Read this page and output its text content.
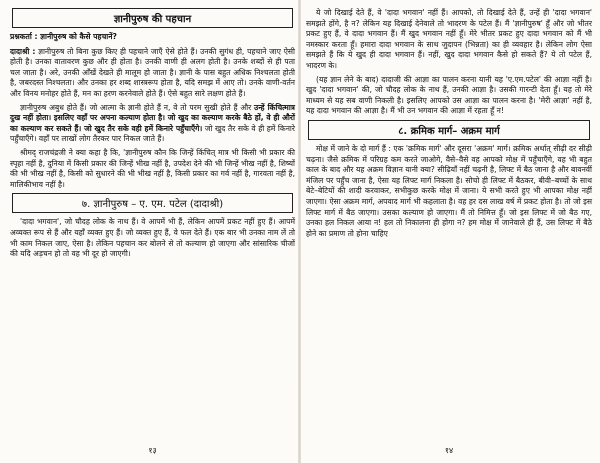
ज्ञानीपुरुष की पहचान

प्रश्नकर्ता : ज्ञानीपुरुष को कैसे पहचानें?

दादाश्री : ज्ञानीपुरुष तो बिना कुछ किए ही पहचाने जाएँ ऐसे होते हैं। उनकी सुगंध ही, पहचाने जाए ऐसी होती है। उनका वातावरण कुछ और ही होता है। उनकी वाणी ही अलग होती है। उनके शब्दों से ही पता चल जाता है। अरे, उनकी आँखें देखते ही मालूम हो जाता है। ज्ञानी के पास बहुत अधिक निश्चलता होती है, जबरदस्त निश्चलता। और उनका हर शब्द शास्त्ररूप होता है, यदि समझ में आए तो। उनके वाणी-वर्तन और विनय मनोहर होते हैं, मन का हरण करनेवाले होते हैं। ऐसे बहुत सारे लक्षण होते हैं।

ज्ञानीपुरुष अबुध होते हैं। जो आत्मा के ज्ञानी होते हैं न, वे तो परम सुखी होते हैं और उन्हें किंचित्मात्र दुख नहीं होता। इसलिए वहाँ पर अपना कल्याण होता है। जो खुद का कल्याण करके बैठे हों, वे ही औरों का कल्याण कर सकते हैं। जो खुद तैर सके वही हमें किनारे पहुँचाएँगे। जो खुद तैर सके वे ही हमें किनारे पहुँचाएँगे। वहाँ पर लाखों लोग तैरकर पार निकल जाते हैं।

श्रीमद् राजचंद्रजी ने क्या कहा है कि, 'ज्ञानीपुरुष कौन कि जिन्हें किंचित् मात्र भी किसी भी प्रकार की स्पृहा नहीं है, दुनिया में किसी प्रकार की जिन्हें भीख नहीं है, उपदेश देने की भी जिन्हें भीख नहीं है, शिष्यों की भी भीख नहीं है, किसी को सुधारने की भी भीख नहीं है, किसी प्रकार का गर्व नहीं है, गारवता नहीं है, मालिकीभाव नहीं है।

७. ज्ञानीपुरुष – ए. एम. पटेल (दादाश्री)

'दादा भगवान', जो चौदह लोक के नाथ हैं। वे आपमें भी हैं, लेकिन आपमें प्रकट नहीं हुए हैं। आपमें अव्यक्त रूप से हैं और यहाँ व्यक्त हुए हैं। जो व्यक्त हुए हैं, वे फल देते हैं। एक बार भी उनका नाम लें तो भी काम निकल जाए, ऐसा है। लेकिन पहचान कर बोलने से तो कल्याण हो जाएगा और सांसारिक चीजों की यदि अड़चन हो तो वह भी दूर हो जाएगी।

१३

ये जो दिखाई देते हैं, वे 'दादा भगवान' नहीं हैं। आपको, तो दिखाई देते हैं, उन्हें ही 'दादा भगवान' समझते होंगे, है न? लेकिन यह दिखाई देनेवाले तो भादरण के पटेल हैं। मैं 'ज्ञानीपुरुष' हूँ और जो भीतर प्रकट हुए हैं, वे दादा भगवान हैं। मैं खुद भगवान नहीं हूँ। मेरे भीतर प्रकट हुए दादा भगवान को मैं भी नमस्कार करता हूँ। हमारा दादा भगवान के साथ जुदापन (भिन्नता) का ही व्यवहार है। लेकिन लोग ऐसा समझते हैं कि ये खुद ही दादा भगवान हैं। नहीं, खुद दादा भगवान कैसे हो सकते हैं? ये तो पटेल हैं, भादरण के।

(यह ज्ञान लेने के बाद) दादाजी की आज्ञा का पालन करना यानी यह 'ए.एम.पटेल' की आज्ञा नहीं है। खुद 'दादा भगवान' की, जो चौदह लोक के नाथ हैं, उनकी आज्ञा है। उसकी गारन्टी देता हूँ। यह तो मेरे माध्यम से यह सब वाणी निकली है। इसलिए आपको उस आज्ञा का पालन करना है। 'मेरी आज्ञा' नहीं है, यह दादा भगवान की आज्ञा है। मैं भी उन भगवान की आज्ञा में रहता हूँ न!

८. क्रमिक मार्ग– अक्रम मार्ग

मोक्ष में जाने के दो मार्ग हैं : एक 'क्रमिक मार्ग' और दूसरा 'अक्रम' मार्ग। क्रमिक अर्थात् सीढ़ी दर सीढ़ी चढ़ना। जैसे क्रमिक में परिग्रह कम करते जाओगे, वैसे–वैसे वह आपको मोक्ष में पहुँचाएँगे, वह भी बहुत काल के बाद और यह अक्रम विज्ञान यानी क्या? सीढ़ियाँ नहीं चढ़नी है, लिफ्ट में बैठ जाना है और बावनवीं मंजिल पर पहुँच जाना है, ऐसा यह लिफ्ट मार्ग निकला है। सोचो ही लिफ्ट में बैठकर, बीवी–बच्चों के साथ बेटे–बेटियों की शादी करवाकर, सभीकुछ करके मोक्ष में जाना। ये सभी करते हुए भी आपका मोक्ष नहीं जाएगा। ऐसा अक्रम मार्ग, अपवाद मार्ग भी कहलाता है। वह हर दस लाख वर्ष में प्रकट होता है। तो जो इस लिफ्ट मार्ग में बैठ जाएगा। उसका कल्याण हो जाएगा। मैं तो निमित्त हूँ। जो इस लिफ्ट में जो बैठ गए, उनका हल निकल आया न! हल तो निकालना ही होगा न? हम मोक्ष में जानेवाले ही हैं, उस लिफ्ट में बैठे होने का प्रमाण तो होना चाहिए

१४
